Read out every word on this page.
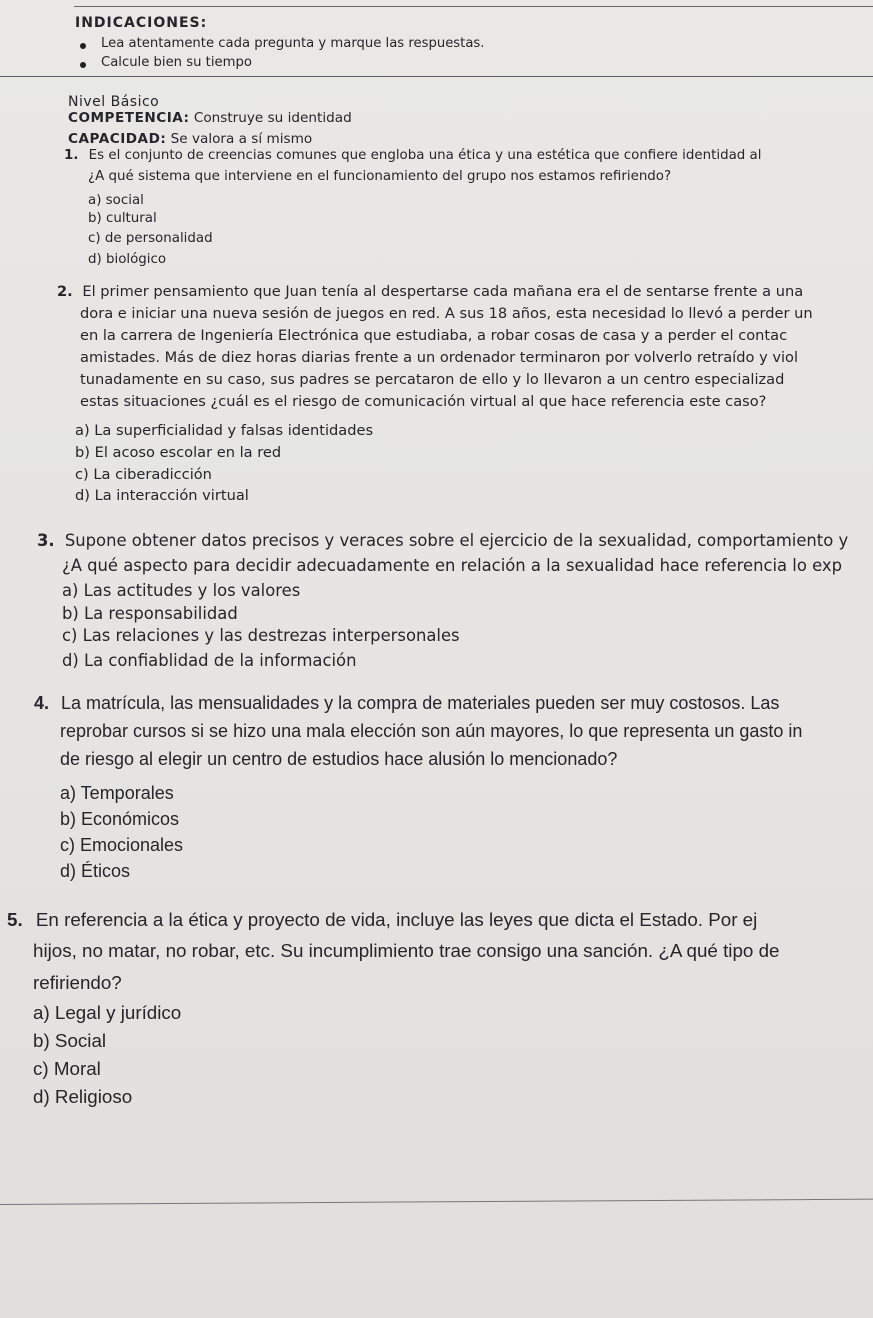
INDICACIONES:
Lea atentamente cada pregunta y marque las respuestas.
Calcule bien su tiempo
Nivel Básico
COMPETENCIA: Construye su identidad
CAPACIDAD: Se valora a sí mismo
1. Es el conjunto de creencias comunes que engloba una ética y una estética que confiere identidad al
¿A qué sistema que interviene en el funcionamiento del grupo nos estamos refiriendo?
a) social
b) cultural
c) de personalidad
d) biológico
2. El primer pensamiento que Juan tenía al despertarse cada mañana era el de sentarse frente a una
dora e iniciar una nueva sesión de juegos en red. A sus 18 años, esta necesidad lo llevó a perder un
en la carrera de Ingeniería Electrónica que estudiaba, a robar cosas de casa y a perder el contac
amistades. Más de diez horas diarias frente a un ordenador terminaron por volverlo retraído y viol
tunadamente en su caso, sus padres se percataron de ello y lo llevaron a un centro especializad
estas situaciones ¿cuál es el riesgo de comunicación virtual al que hace referencia este caso?
a) La superficialidad y falsas identidades
b) El acoso escolar en la red
c) La ciberadicción
d) La interacción virtual
3. Supone obtener datos precisos y veraces sobre el ejercicio de la sexualidad, comportamiento y
¿A qué aspecto para decidir adecuadamente en relación a la sexualidad hace referencia lo exp
a) Las actitudes y los valores
b) La responsabilidad
c) Las relaciones y las destrezas interpersonales
d) La confiablidad de la información
4. La matrícula, las mensualidades y la compra de materiales pueden ser muy costosos. Las
reprobar cursos si se hizo una mala elección son aún mayores, lo que representa un gasto in
de riesgo al elegir un centro de estudios hace alusión lo mencionado?
a) Temporales
b) Económicos
c) Emocionales
d) Éticos
5. En referencia a la ética y proyecto de vida, incluye las leyes que dicta el Estado. Por ej
hijos, no matar, no robar, etc. Su incumplimiento trae consigo una sanción. ¿A qué tipo de
refiriendo?
a) Legal y jurídico
b) Social
c) Moral
d) Religioso
